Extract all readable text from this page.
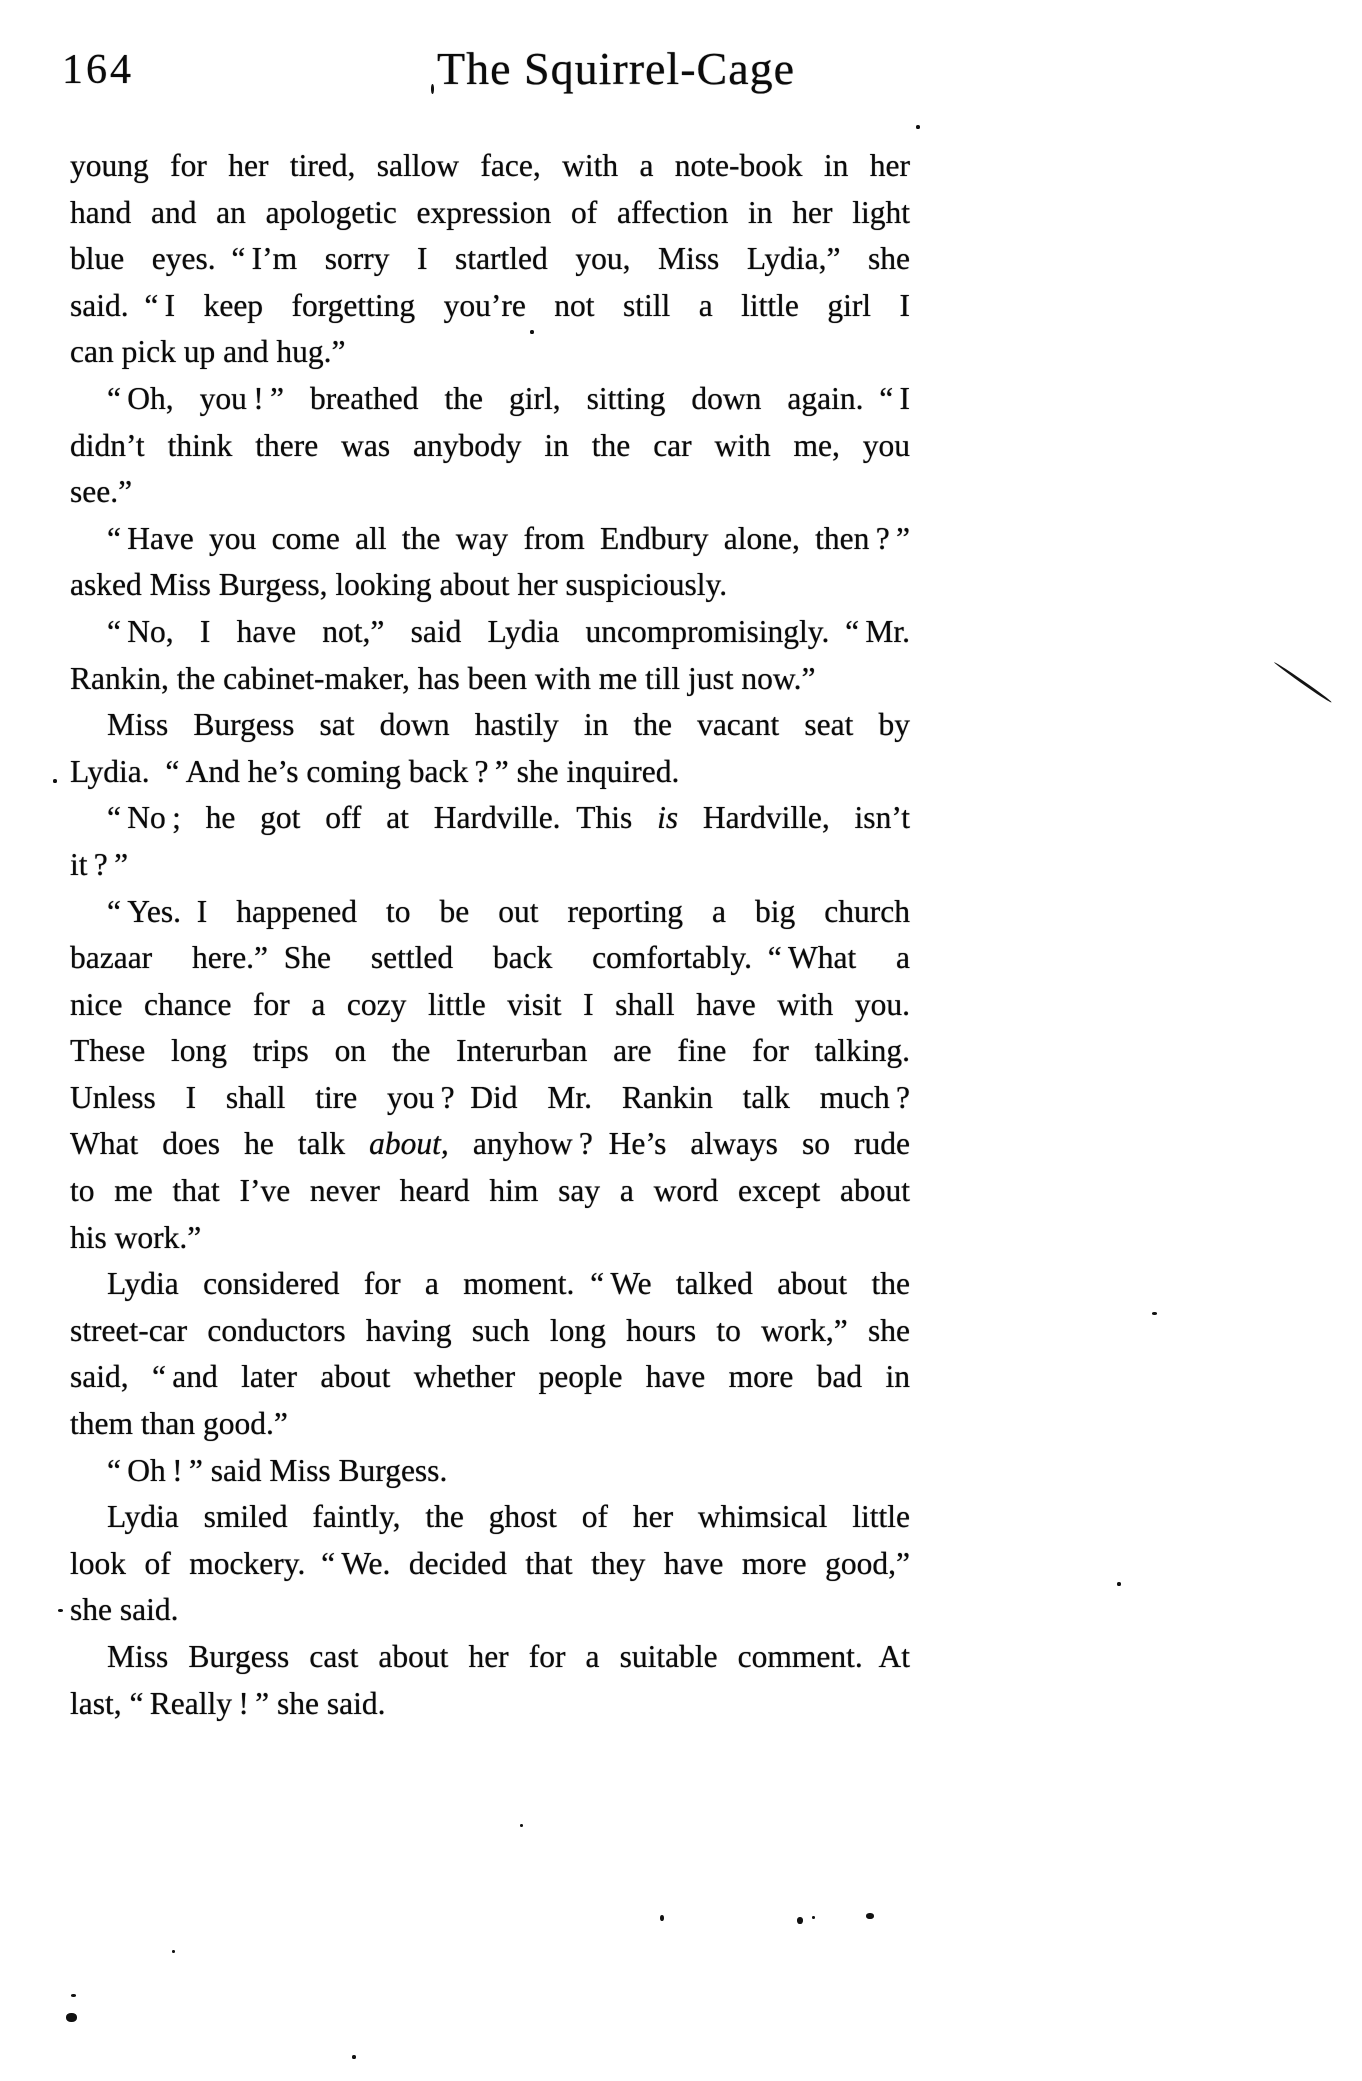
164	The Squirrel-Cage
young for her tired, sallow face, with a note-book in her
hand and an apologetic expression of affection in her light
blue eyes. “ I’m sorry I startled you, Miss Lydia,” she
said. “ I keep forgetting you’re not still a little girl I
can pick up and hug.”
“ Oh, you ! ” breathed the girl, sitting down again. “ I
didn’t think there was anybody in the car with me, you
see.”
“ Have you come all the way from Endbury alone, then ? ”
asked Miss Burgess, looking about her suspiciously.
“ No, I have not,” said Lydia uncompromisingly. “ Mr.
Rankin, the cabinet-maker, has been with me till just now.”
Miss Burgess sat down hastily in the vacant seat by
Lydia. “ And he’s coming back ? ” she inquired.
“ No ; he got off at Hardville. This is Hardville, isn’t
it ? ”
“ Yes. I happened to be out reporting a big church
bazaar here.” She settled back comfortably. “ What a
nice chance for a cozy little visit I shall have with you.
These long trips on the Interurban are fine for talking.
Unless I shall tire you ? Did Mr. Rankin talk much ?
What does he talk about, anyhow ? He’s always so rude
to me that I’ve never heard him say a word except about
his work.”
Lydia considered for a moment. “ We talked about the
street-car conductors having such long hours to work,” she
said, “ and later about whether people have more bad in
them than good.”
“ Oh ! ” said Miss Burgess.
Lydia smiled faintly, the ghost of her whimsical little
look of mockery. “ We. decided that they have more good,”
she said.
Miss Burgess cast about her for a suitable comment. At
last, “ Really ! ” she said.
